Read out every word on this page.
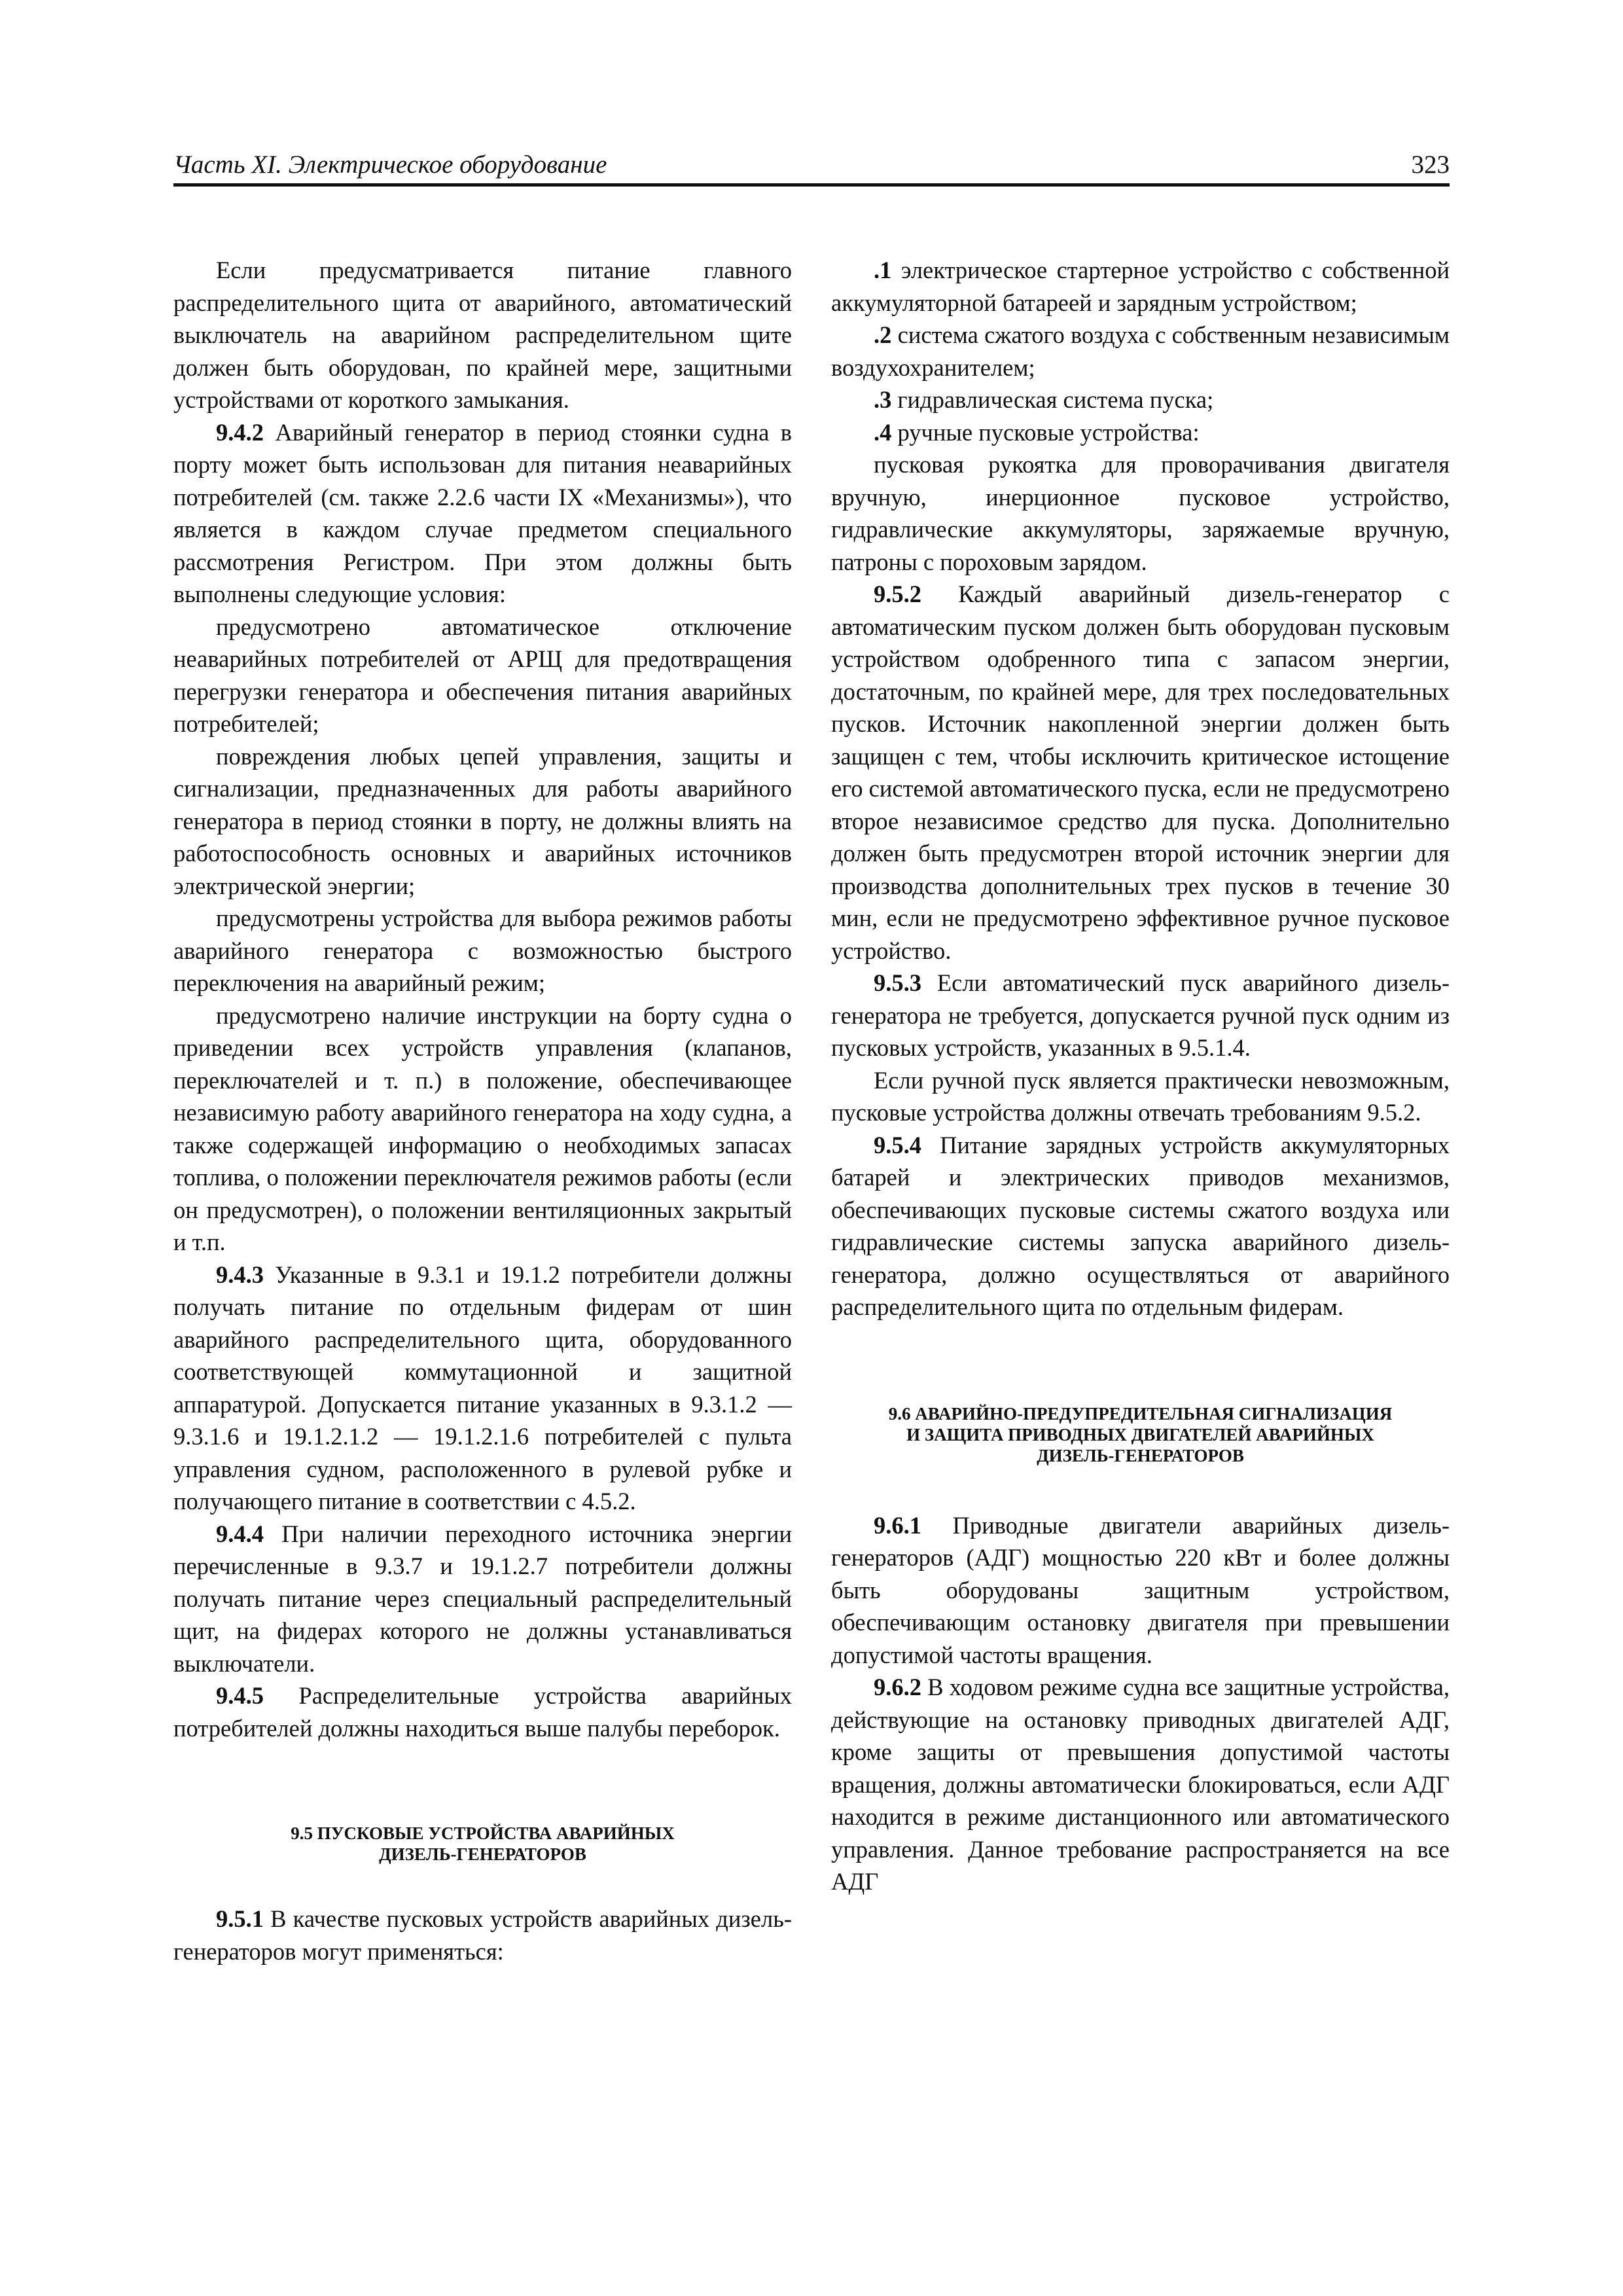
Часть XI. Электрическое оборудование	323

Если предусматривается питание главного распределительного щита от аварийного, автоматический выключатель на аварийном распределительном щите должен быть оборудован, по крайней мере, защитными устройствами от короткого замыкания.

9.4.2 Аварийный генератор в период стоянки судна в порту может быть использован для питания неаварийных потребителей (см. также 2.2.6 части IX «Механизмы»), что является в каждом случае предметом специального рассмотрения Регистром. При этом должны быть выполнены следующие условия:

предусмотрено автоматическое отключение неаварийных потребителей от АРЩ для предотвращения перегрузки генератора и обеспечения питания аварийных потребителей;

повреждения любых цепей управления, защиты и сигнализации, предназначенных для работы аварийного генератора в период стоянки в порту, не должны влиять на работоспособность основных и аварийных источников электрической энергии;

предусмотрены устройства для выбора режимов работы аварийного генератора с возможностью быстрого переключения на аварийный режим;

предусмотрено наличие инструкции на борту судна о приведении всех устройств управления (клапанов, переключателей и т. п.) в положение, обеспечивающее независимую работу аварийного генератора на ходу судна, а также содержащей информацию о необходимых запасах топлива, о положении переключателя режимов работы (если он предусмотрен), о положении вентиляционных закрытый и т.п.

9.4.3 Указанные в 9.3.1 и 19.1.2 потребители должны получать питание по отдельным фидерам от шин аварийного распределительного щита, оборудованного соответствующей коммутационной и защитной аппаратурой. Допускается питание указанных в 9.3.1.2 — 9.3.1.6 и 19.1.2.1.2 — 19.1.2.1.6 потребителей с пульта управления судном, расположенного в рулевой рубке и получающего питание в соответствии с 4.5.2.

9.4.4 При наличии переходного источника энергии перечисленные в 9.3.7 и 19.1.2.7 потребители должны получать питание через специальный распределительный щит, на фидерах которого не должны устанавливаться выключатели.

9.4.5 Распределительные устройства аварийных потребителей должны находиться выше палубы переборок.

9.5 ПУСКОВЫЕ УСТРОЙСТВА АВАРИЙНЫХ
ДИЗЕЛЬ-ГЕНЕРАТОРОВ

9.5.1 В качестве пусковых устройств аварийных дизель-генераторов могут применяться:

.1 электрическое стартерное устройство с собственной аккумуляторной батареей и зарядным устройством;

.2 система сжатого воздуха с собственным независимым воздухохранителем;

.3 гидравлическая система пуска;

.4 ручные пусковые устройства:

пусковая рукоятка для проворачивания двигателя вручную, инерционное пусковое устройство, гидравлические аккумуляторы, заряжаемые вручную, патроны с пороховым зарядом.

9.5.2 Каждый аварийный дизель-генератор с автоматическим пуском должен быть оборудован пусковым устройством одобренного типа с запасом энергии, достаточным, по крайней мере, для трех последовательных пусков. Источник накопленной энергии должен быть защищен с тем, чтобы исключить критическое истощение его системой автоматического пуска, если не предусмотрено второе независимое средство для пуска. Дополнительно должен быть предусмотрен второй источник энергии для производства дополнительных трех пусков в течение 30 мин, если не предусмотрено эффективное ручное пусковое устройство.

9.5.3 Если автоматический пуск аварийного дизель-генератора не требуется, допускается ручной пуск одним из пусковых устройств, указанных в 9.5.1.4.

Если ручной пуск является практически невозможным, пусковые устройства должны отвечать требованиям 9.5.2.

9.5.4 Питание зарядных устройств аккумуляторных батарей и электрических приводов механизмов, обеспечивающих пусковые системы сжатого воздуха или гидравлические системы запуска аварийного дизель-генератора, должно осуществляться от аварийного распределительного щита по отдельным фидерам.

9.6 АВАРИЙНО-ПРЕДУПРЕДИТЕЛЬНАЯ СИГНАЛИЗАЦИЯ
И ЗАЩИТА ПРИВОДНЫХ ДВИГАТЕЛЕЙ АВАРИЙНЫХ
ДИЗЕЛЬ-ГЕНЕРАТОРОВ

9.6.1 Приводные двигатели аварийных дизель-генераторов (АДГ) мощностью 220 кВт и более должны быть оборудованы защитным устройством, обеспечивающим остановку двигателя при превышении допустимой частоты вращения.

9.6.2 В ходовом режиме судна все защитные устройства, действующие на остановку приводных двигателей АДГ, кроме защиты от превышения допустимой частоты вращения, должны автоматически блокироваться, если АДГ находится в режиме дистанционного или автоматического управления. Данное требование распространяется на все АДГ
